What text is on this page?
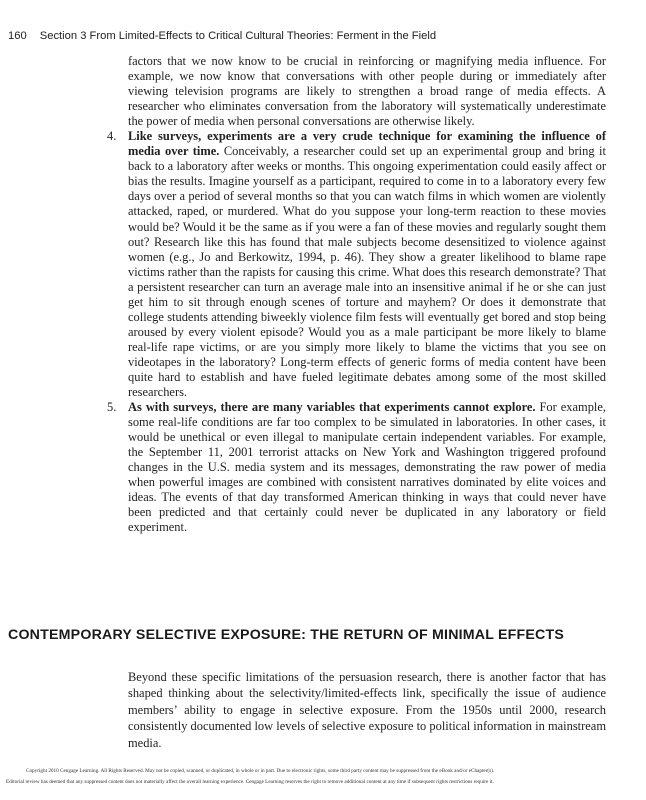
160 Section 3 From Limited-Effects to Critical Cultural Theories: Ferment in the Field

factors that we now know to be crucial in reinforcing or magnifying media influence. For example, we now know that conversations with other people during or immediately after viewing television programs are likely to strengthen a broad range of media effects. A researcher who eliminates conversation from the laboratory will systematically underestimate the power of media when personal conversations are otherwise likely.

4. Like surveys, experiments are a very crude technique for examining the influence of media over time. Conceivably, a researcher could set up an experimental group and bring it back to a laboratory after weeks or months. This ongoing experimentation could easily affect or bias the results. Imagine yourself as a participant, required to come in to a laboratory every few days over a period of several months so that you can watch films in which women are violently attacked, raped, or murdered. What do you suppose your long-term reaction to these movies would be? Would it be the same as if you were a fan of these movies and regularly sought them out? Research like this has found that male subjects become desensitized to violence against women (e.g., Jo and Berkowitz, 1994, p. 46). They show a greater likelihood to blame rape victims rather than the rapists for causing this crime. What does this research demonstrate? That a persistent researcher can turn an average male into an insensitive animal if he or she can just get him to sit through enough scenes of torture and mayhem? Or does it demonstrate that college students attending biweekly violence film fests will eventually get bored and stop being aroused by every violent episode? Would you as a male participant be more likely to blame real-life rape victims, or are you simply more likely to blame the victims that you see on videotapes in the laboratory? Long-term effects of generic forms of media content have been quite hard to establish and have fueled legitimate debates among some of the most skilled researchers.

5. As with surveys, there are many variables that experiments cannot explore. For example, some real-life conditions are far too complex to be simulated in laboratories. In other cases, it would be unethical or even illegal to manipulate certain independent variables. For example, the September 11, 2001 terrorist attacks on New York and Washington triggered profound changes in the U.S. media system and its messages, demonstrating the raw power of media when powerful images are combined with consistent narratives dominated by elite voices and ideas. The events of that day transformed American thinking in ways that could never have been predicted and that certainly could never be duplicated in any laboratory or field experiment.

CONTEMPORARY SELECTIVE EXPOSURE: THE RETURN OF MINIMAL EFFECTS

Beyond these specific limitations of the persuasion research, there is another factor that has shaped thinking about the selectivity/limited-effects link, specifically the issue of audience members’ ability to engage in selective exposure. From the 1950s until 2000, research consistently documented low levels of selective exposure to political information in mainstream media.

Copyright 2010 Cengage Learning. All Rights Reserved. May not be copied, scanned, or duplicated, in whole or in part. Due to electronic rights, some third party content may be suppressed from the eBook and/or eChapter(s).
Editorial review has deemed that any suppressed content does not materially affect the overall learning experience. Cengage Learning reserves the right to remove additional content at any time if subsequent rights restrictions require it.
